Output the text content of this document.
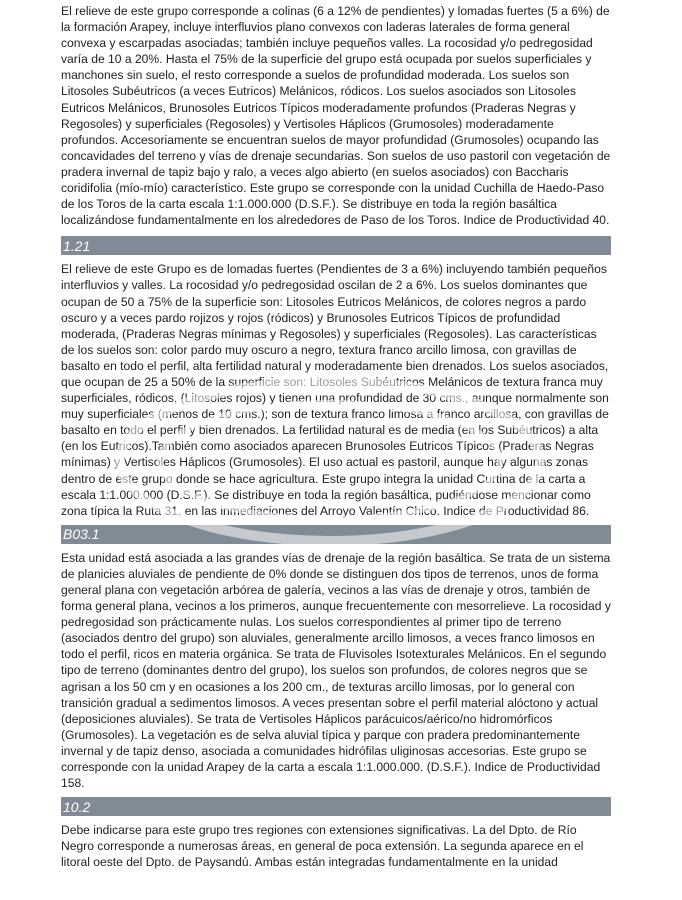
El relieve de este grupo corresponde a colinas (6 a 12% de pendientes) y lomadas fuertes (5 a 6%) de la formación Arapey, incluye interfluvios plano convexos con laderas laterales de forma general convexa y escarpadas asociadas; también incluye pequeños valles. La rocosidad y/o pedregosidad varía de 10 a 20%. Hasta el 75% de la superficie del grupo está ocupada por suelos superficiales y manchones sin suelo, el resto corresponde a suelos de profundidad moderada. Los suelos son Litosoles Subéutricos (a veces Eutricos) Melánicos, ródicos. Los suelos asociados son Litosoles Eutricos Melánicos, Brunosoles Eutricos Típicos moderadamente profundos (Praderas Negras y Regosoles) y superficiales (Regosoles) y Vertisoles Háplicos (Grumosoles) moderadamente profundos. Accesoriamente se encuentran suelos de mayor profundidad (Grumosoles) ocupando las concavidades del terreno y vías de drenaje secundarias. Son suelos de uso pastoril con vegetación de pradera invernal de tapiz bajo y ralo, a veces algo abierto (en suelos asociados) con Baccharis coridifolia (mío-mío) característico. Este grupo se corresponde con la unidad Cuchilla de Haedo-Paso de los Toros de la carta escala 1:1.000.000 (D.S.F.). Se distribuye en toda la región basáltica localizándose fundamentalmente en los alrededores de Paso de los Toros. Indice de Productividad 40.

1.21

El relieve de este Grupo es de lomadas fuertes (Pendientes de 3 a 6%) incluyendo también pequeños interfluvios y valles. La rocosidad y/o pedregosidad oscilan de 2 a 6%. Los suelos dominantes que ocupan de 50 a 75% de la superficie son: Litosoles Eutricos Melánicos, de colores negros a pardo oscuro y a veces pardo rojizos y rojos (ródicos) y Brunosoles Eutricos Típicos de profundidad moderada, (Praderas Negras mínimas y Regosoles) y superficiales (Regosoles). Las características de los suelos son: color pardo muy oscuro a negro, textura franco arcillo limosa, con gravillas de basalto en todo el perfil, alta fertilidad natural y moderadamente bien drenados. Los suelos asociados, que ocupan de 25 a 50% de la superficie son: Litosoles Subéutricos Melánicos de textura franca muy superficiales, ródicos, (Litosoles rojos) y tienen una profundidad de 30 cms., aunque normalmente son muy superficiales (menos de 10 cms.); son de textura franco limosa a franco arcillosa, con gravillas de basalto en todo el perfil y bien drenados. La fertilidad natural es de media (en los Subéutricos) a alta (en los Eutricos).También como asociados aparecen Brunosoles Eutricos Típicos (Praderas Negras mínimas) y Vertisoles Háplicos (Grumosoles). El uso actual es pastoril, aunque hay algunas zonas dentro de este grupo donde se hace agricultura. Este grupo integra la unidad Curtina de la carta a escala 1:1.000.000 (D.S.F.). Se distribuye en toda la región basáltica, pudiéndose mencionar como zona típica la Ruta 31, en las inmediaciones del Arroyo Valentín Chico. Indice de Productividad 86.

B03.1

Esta unidad está asociada a las grandes vías de drenaje de la región basáltica. Se trata de un sistema de planicies aluviales de pendiente de 0% donde se distinguen dos tipos de terrenos, unos de forma general plana con vegetación arbórea de galería, vecinos a las vías de drenaje y otros, también de forma general plana, vecinos a los primeros, aunque frecuentemente con mesorrelieve. La rocosidad y pedregosidad son prácticamente nulas. Los suelos correspondientes al primer tipo de terreno (asociados dentro del grupo) son aluviales, generalmente arcillo limosos, a veces franco limosos en todo el perfil, ricos en materia orgánica. Se trata de Fluvisoles Isotexturales Melánicos. En el segundo tipo de terreno (dominantes dentro del grupo), los suelos son profundos, de colores negros que se agrisan a los 50 cm y en ocasiones a los 200 cm., de texturas arcillo limosas, por lo general con transición gradual a sedimentos limosos. A veces presentan sobre el perfil material alóctono y actual (deposiciones aluviales). Se trata de Vertisoles Háplicos parácuicos/aérico/no hidromórficos (Grumosoles). La vegetación es de selva aluvial típica y parque con pradera predominantemente invernal y de tapiz denso, asociada a comunidades hidrófilas uliginosas accesorias. Este grupo se corresponde con la unidad Arapey de la carta a escala 1:1.000.000. (D.S.F.). Indice de Productividad 158.

10.2

Debe indicarse para este grupo tres regiones con extensiones significativas. La del Dpto. de Río Negro corresponde a numerosas áreas, en general de poca extensión. La segunda aparece en el litoral oeste del Dpto. de Paysandú. Ambas están integradas fundamentalmente en la unidad
